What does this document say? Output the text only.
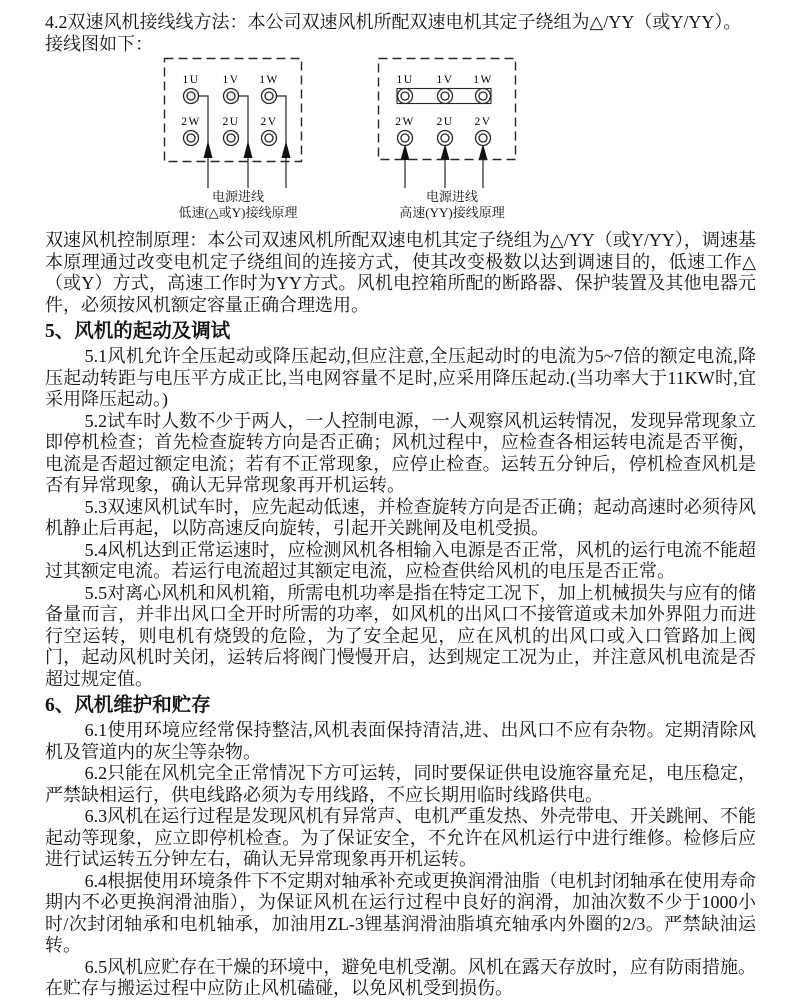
4.2双速风机接线线方法：本公司双速风机所配双速电机其定子绕组为△/YY（或Y/YY）。

接线图如下：

1U
2W
1V
2U
1W
2V
电源进线
低速(△或Y)接线原理
1U
2W
1V
2U
1W
2V
电源进线
高速(YY)接线原理

双速风机控制原理：本公司双速风机所配双速电机其定子绕组为△/YY（或Y/YY），调速基本原理通过改变电机定子绕组间的连接方式，使其改变极数以达到调速目的，低速工作△（或Y）方式，高速工作时为YY方式。风机电控箱所配的断路器、保护装置及其他电器元件，必须按风机额定容量正确合理选用。

5、风机的起动及调试

5.1风机允许全压起动或降压起动,但应注意,全压起动时的电流为5~7倍的额定电流,降压起动转距与电压平方成正比,当电网容量不足时,应采用降压起动.(当功率大于11KW时,宜采用降压起动。)

5.2试车时人数不少于两人，一人控制电源，一人观察风机运转情况，发现异常现象立即停机检查；首先检查旋转方向是否正确；风机过程中，应检查各相运转电流是否平衡，电流是否超过额定电流；若有不正常现象，应停止检查。运转五分钟后，停机检查风机是否有异常现象，确认无异常现象再开机运转。

5.3双速风机试车时，应先起动低速，并检查旋转方向是否正确；起动高速时必须待风机静止后再起，以防高速反向旋转，引起开关跳闸及电机受损。

5.4风机达到正常运速时，应检测风机各相输入电源是否正常，风机的运行电流不能超过其额定电流。若运行电流超过其额定电流，应检查供给风机的电压是否正常。

5.5对离心风机和风机箱，所需电机功率是指在特定工况下，加上机械损失与应有的储备量而言，并非出风口全开时所需的功率，如风机的出风口不接管道或未加外界阻力而进行空运转，则电机有烧毁的危险，为了安全起见，应在风机的出风口或入口管路加上阀门，起动风机时关闭，运转后将阀门慢慢开启，达到规定工况为止，并注意风机电流是否超过规定值。

6、风机维护和贮存

6.1使用环境应经常保持整洁,风机表面保持清洁,进、出风口不应有杂物。定期清除风机及管道内的灰尘等杂物。

6.2只能在风机完全正常情况下方可运转，同时要保证供电设施容量充足，电压稳定，严禁缺相运行，供电线路必须为专用线路，不应长期用临时线路供电。

6.3风机在运行过程是发现风机有异常声、电机严重发热、外壳带电、开关跳闸、不能起动等现象，应立即停机检查。为了保证安全，不允许在风机运行中进行维修。检修后应进行试运转五分钟左右，确认无异常现象再开机运转。

6.4根据使用环境条件下不定期对轴承补充或更换润滑油脂（电机封闭轴承在使用寿命期内不必更换润滑油脂），为保证风机在运行过程中良好的润滑，加油次数不少于1000小时/次封闭轴承和电机轴承，加油用ZL-3锂基润滑油脂填充轴承内外圈的2/3。严禁缺油运转。

6.5风机应贮存在干燥的环境中，避免电机受潮。风机在露天存放时，应有防雨措施。在贮存与搬运过程中应防止风机磕碰，以免风机受到损伤。
